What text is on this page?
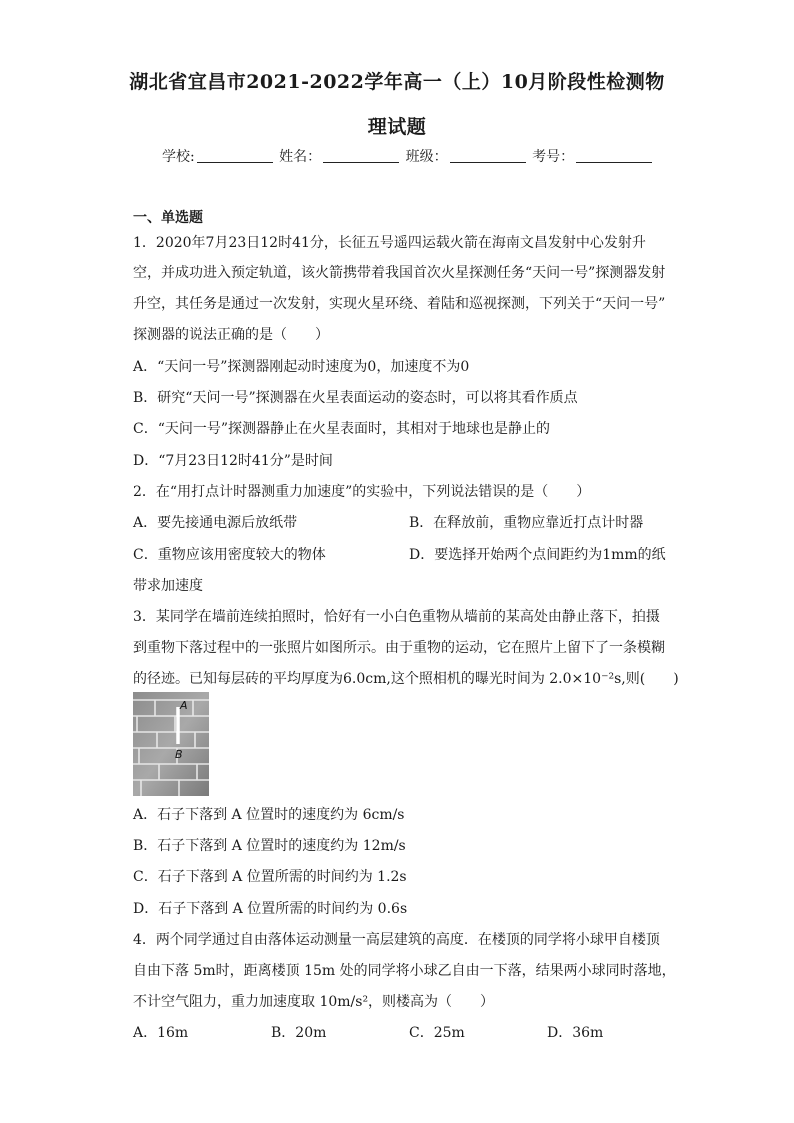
湖北省宜昌市2021-2022学年高一（上）10月阶段性检测物
理试题
学校:	姓名：	班级：	考号：
一、单选题
1．2020年7月23日12时41分，长征五号遥四运载火箭在海南文昌发射中心发射升
空，并成功进入预定轨道，该火箭携带着我国首次火星探测任务“天问一号”探测器发射
升空，其任务是通过一次发射，实现火星环绕、着陆和巡视探测，下列关于“天问一号”
探测器的说法正确的是（　　）
A．“天问一号”探测器刚起动时速度为0，加速度不为0
B．研究“天问一号”探测器在火星表面运动的姿态时，可以将其看作质点
C．“天问一号”探测器静止在火星表面时，其相对于地球也是静止的
D．“7月23日12时41分”是时间
2．在“用打点计时器测重力加速度”的实验中，下列说法错误的是（　　）
A．要先接通电源后放纸带	B．在释放前，重物应靠近打点计时器
C．重物应该用密度较大的物体	D．要选择开始两个点间距约为1mm的纸
带求加速度
3．某同学在墙前连续拍照时，恰好有一小白色重物从墙前的某高处由静止落下，拍摄
到重物下落过程中的一张照片如图所示。由于重物的运动，它在照片上留下了一条模糊
的径迹。已知每层砖的平均厚度为6.0cm,这个照相机的曝光时间为 2.0×10⁻²s,则(　　)
A
B
A．石子下落到 A 位置时的速度约为 6cm/s
B．石子下落到 A 位置时的速度约为 12m/s
C．石子下落到 A 位置所需的时间约为 1.2s
D．石子下落到 A 位置所需的时间约为 0.6s
4．两个同学通过自由落体运动测量一高层建筑的高度．在楼顶的同学将小球甲自楼顶
自由下落 5m时，距离楼顶 15m 处的同学将小球乙自由一下落，结果两小球同时落地，
不计空气阻力，重力加速度取 10m/s²，则楼高为（　　）
A．16m	B．20m	C．25m	D．36m
